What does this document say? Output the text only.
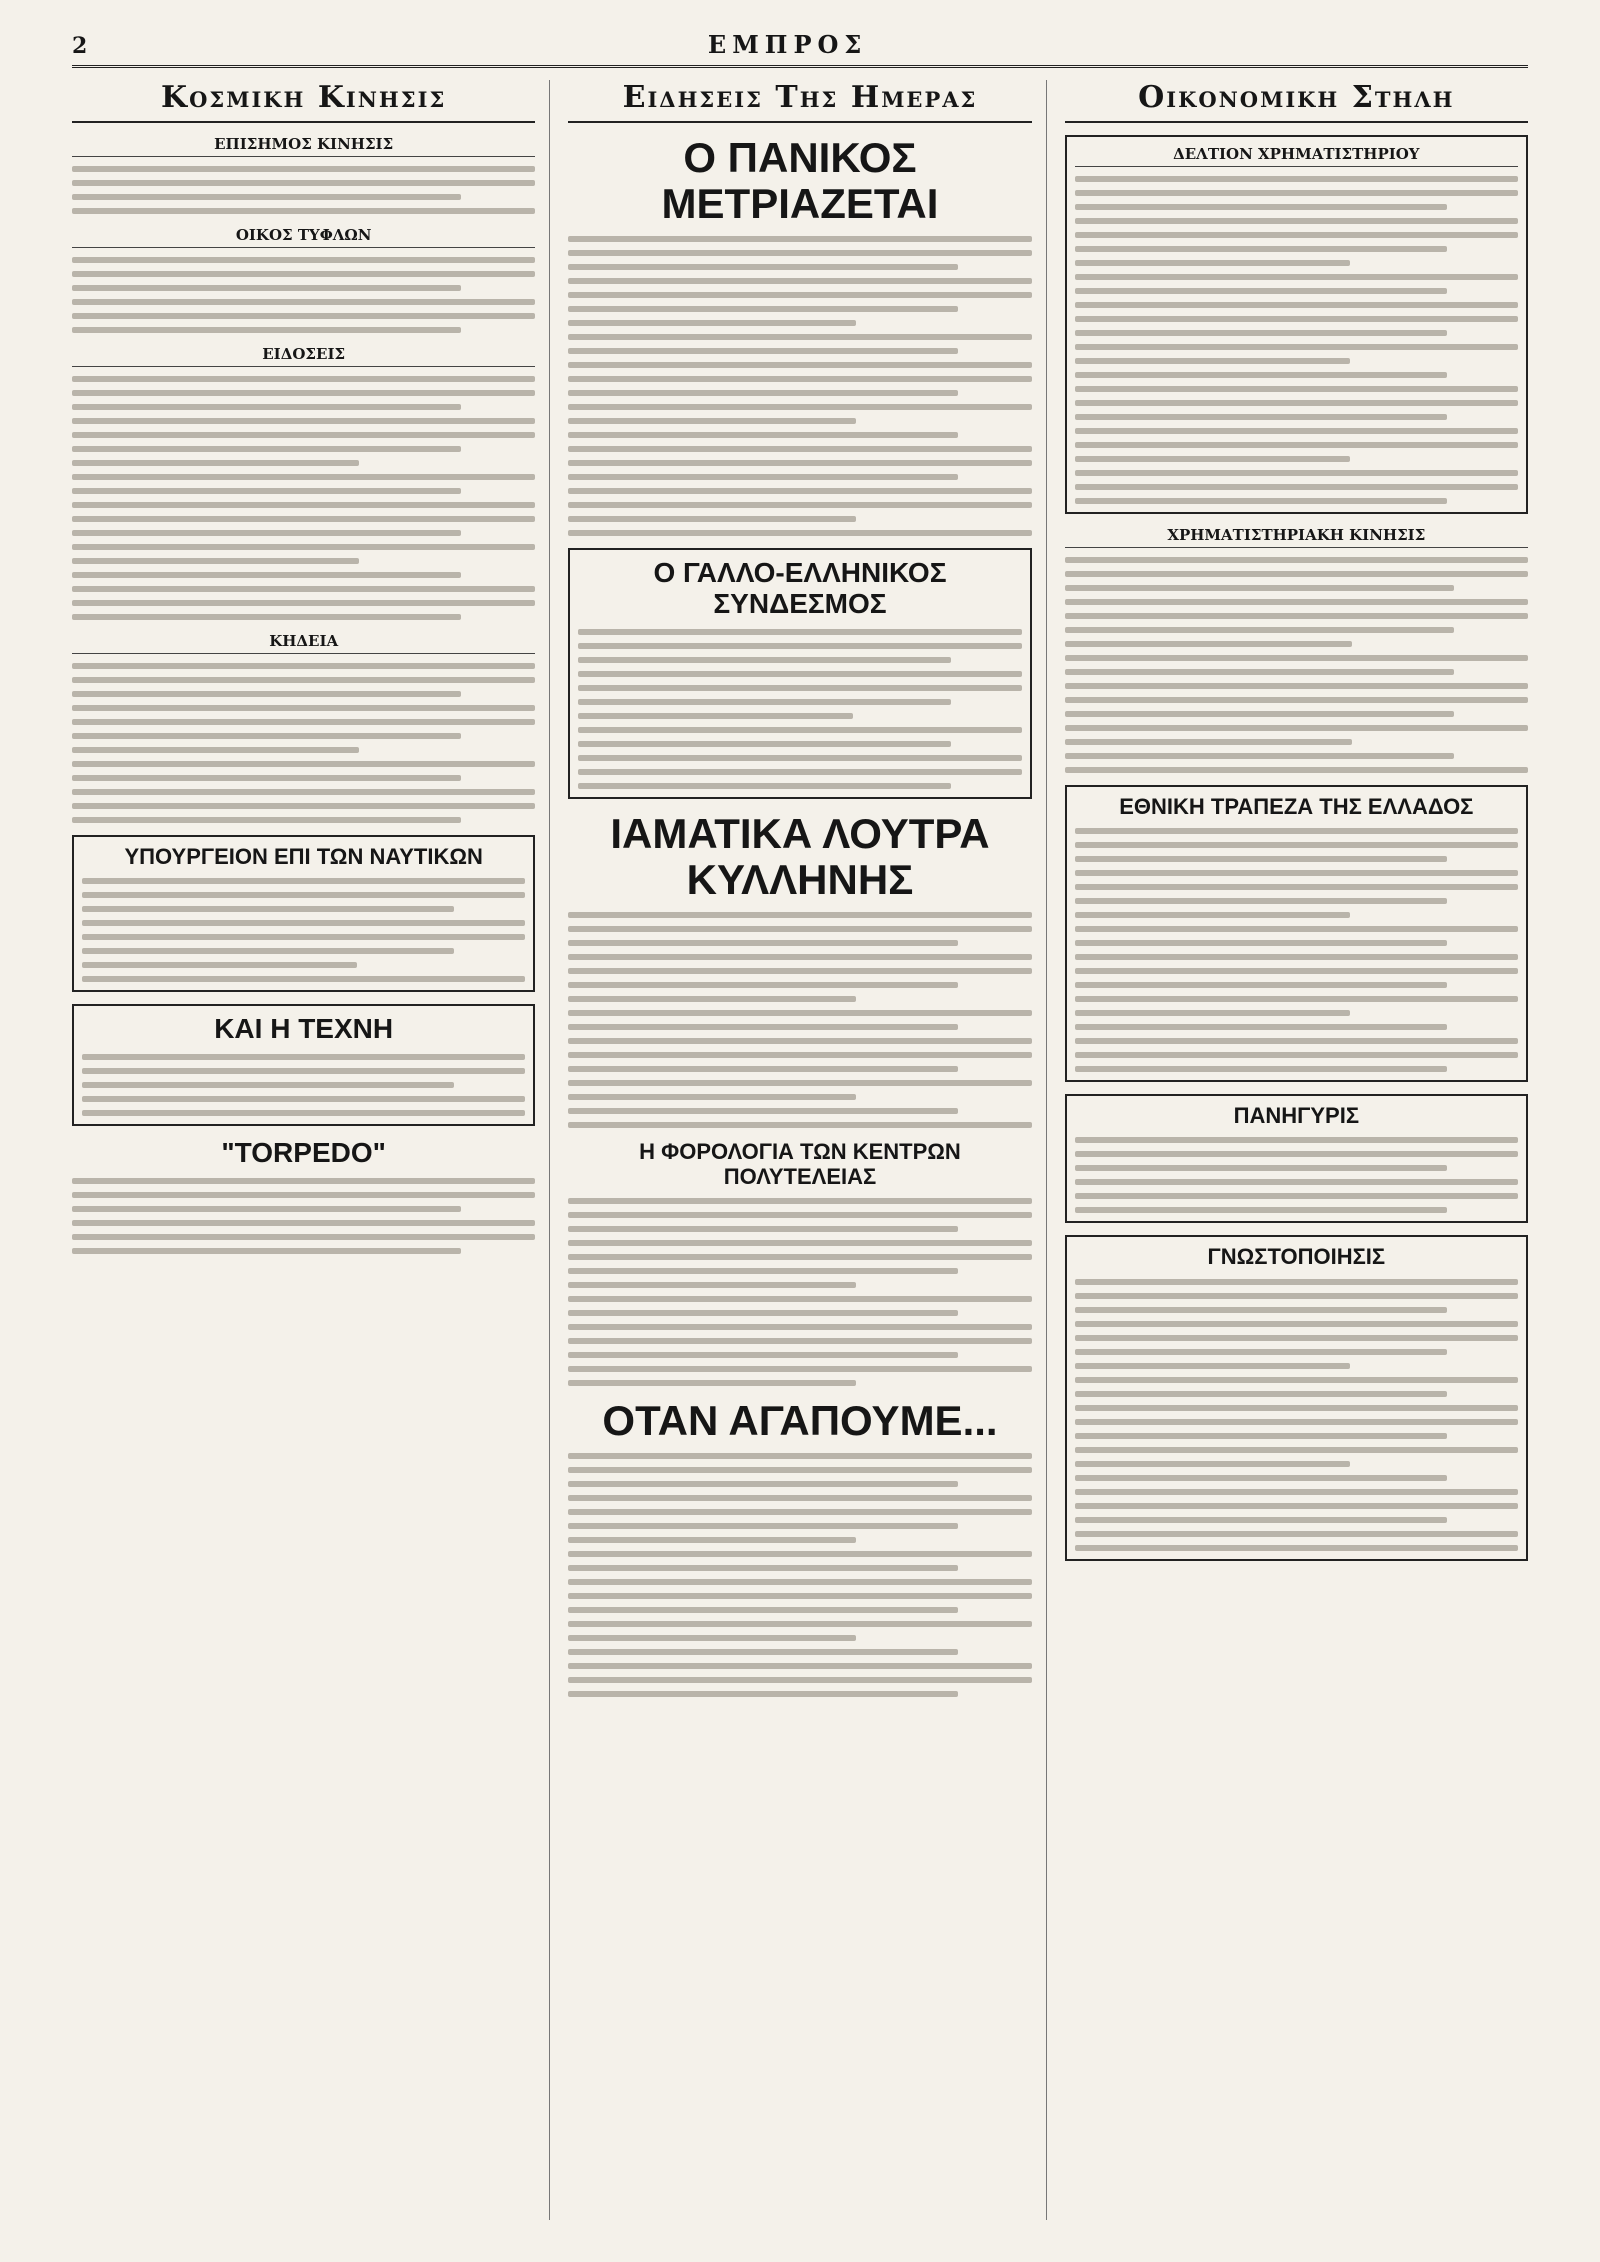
2	ΕΜΠΡΟΣ
Κοσμικη Κινησις
ΕΠΙΣΗΜΟΣ ΚΙΝΗΣΙΣ
ΟΙΚΟΣ ΤΥΦΛΩΝ
ΕΙΔΟΣΕΙΣ
ΚΗΔΕΙΑ
ΥΠΟΥΡΓΕΙΟΝ ΕΠΙ ΤΩΝ ΝΑΥΤΙΚΩΝ
ΚΑΙ Η ΤΕΧΝΗ
"TORPEDO"
Ειδησεις Της Ημερας
Ο ΠΑΝΙΚΟΣ ΜΕΤΡΙΑΖΕΤΑΙ
Ο ΓΑΛΛΟ-ΕΛΛΗΝΙΚΟΣ ΣΥΝΔΕΣΜΟΣ
ΙΑΜΑΤΙΚΑ ΛΟΥΤΡΑ ΚΥΛΛΗΝΗΣ
Η ΦΟΡΟΛΟΓΙΑ ΤΩΝ ΚΕΝΤΡΩΝ ΠΟΛΥΤΕΛΕΙΑΣ
ΟΤΑΝ ΑΓΑΠΟΥΜΕ...
Οικονομικη Στηλη
ΔΕΛΤΙΟΝ ΧΡΗΜΑΤΙΣΤΗΡΙΟΥ
ΧΡΗΜΑΤΙΣΤΗΡΙΑΚΗ ΚΙΝΗΣΙΣ
ΕΘΝΙΚΗ ΤΡΑΠΕΖΑ ΤΗΣ ΕΛΛΑΔΟΣ
ΠΑΝΗΓΥΡΙΣ
ΓΝΩΣΤΟΠΟΙΗΣΙΣ
